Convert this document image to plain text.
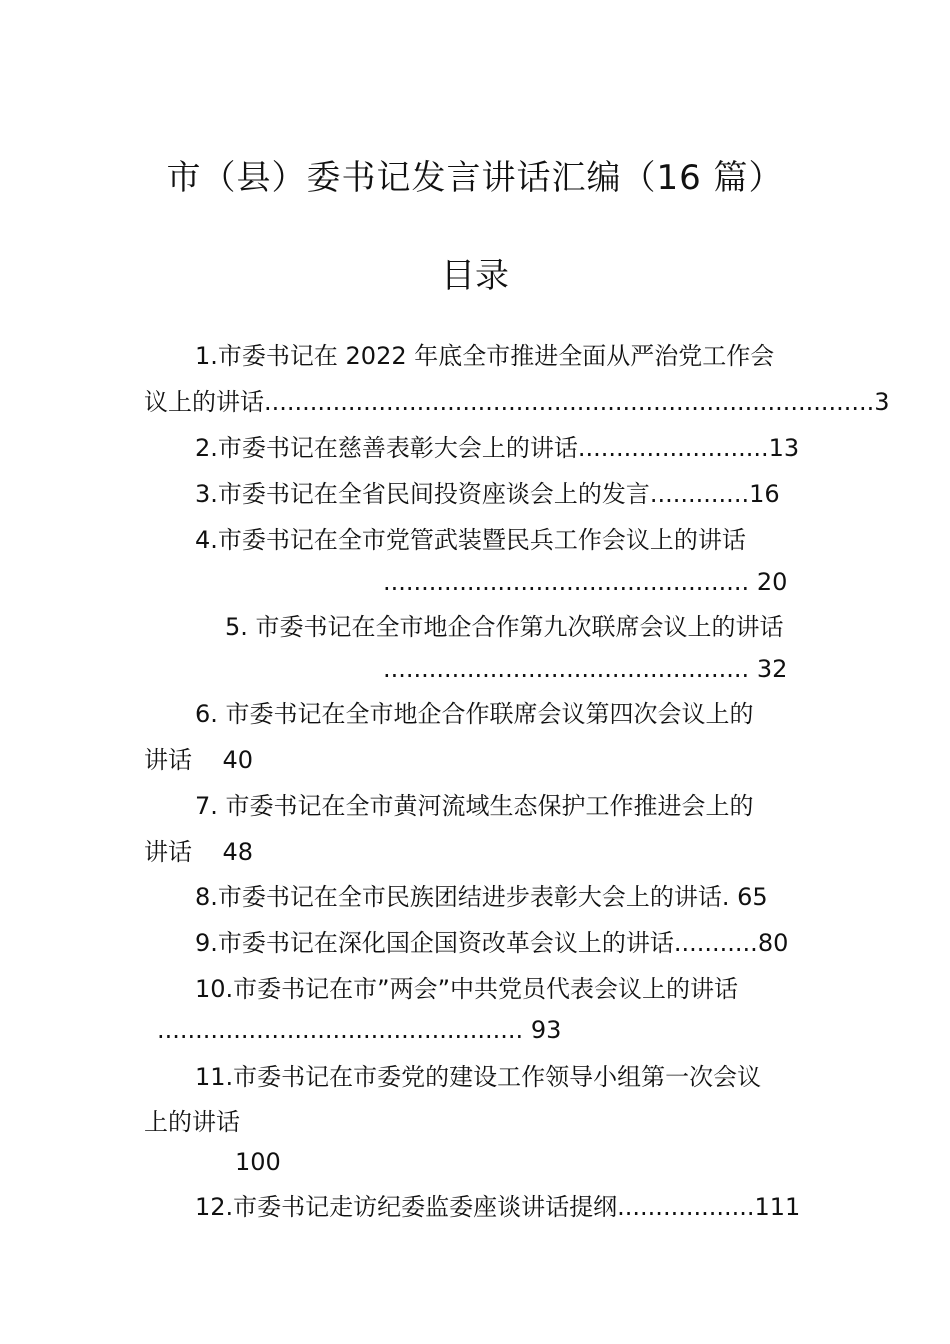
市（县）委书记发言讲话汇编（16 篇）
目录
1.市委书记在 2022 年底全市推进全面从严治党工作会
议上的讲话................................................................................3
2.市委书记在慈善表彰大会上的讲话.........................13
3.市委书记在全省民间投资座谈会上的发言.............16
4.市委书记在全市党管武装暨民兵工作会议上的讲话
................................................ 20
5. 市委书记在全市地企合作第九次联席会议上的讲话
................................................ 32
6. 市委书记在全市地企合作联席会议第四次会议上的
讲话    40
7. 市委书记在全市黄河流域生态保护工作推进会上的
讲话    48
8.市委书记在全市民族团结进步表彰大会上的讲话. 65
9.市委书记在深化国企国资改革会议上的讲话...........80
10.市委书记在市”两会”中共党员代表会议上的讲话
................................................ 93
11.市委书记在市委党的建设工作领导小组第一次会议
上的讲话
100
12.市委书记走访纪委监委座谈讲话提纲..................111
